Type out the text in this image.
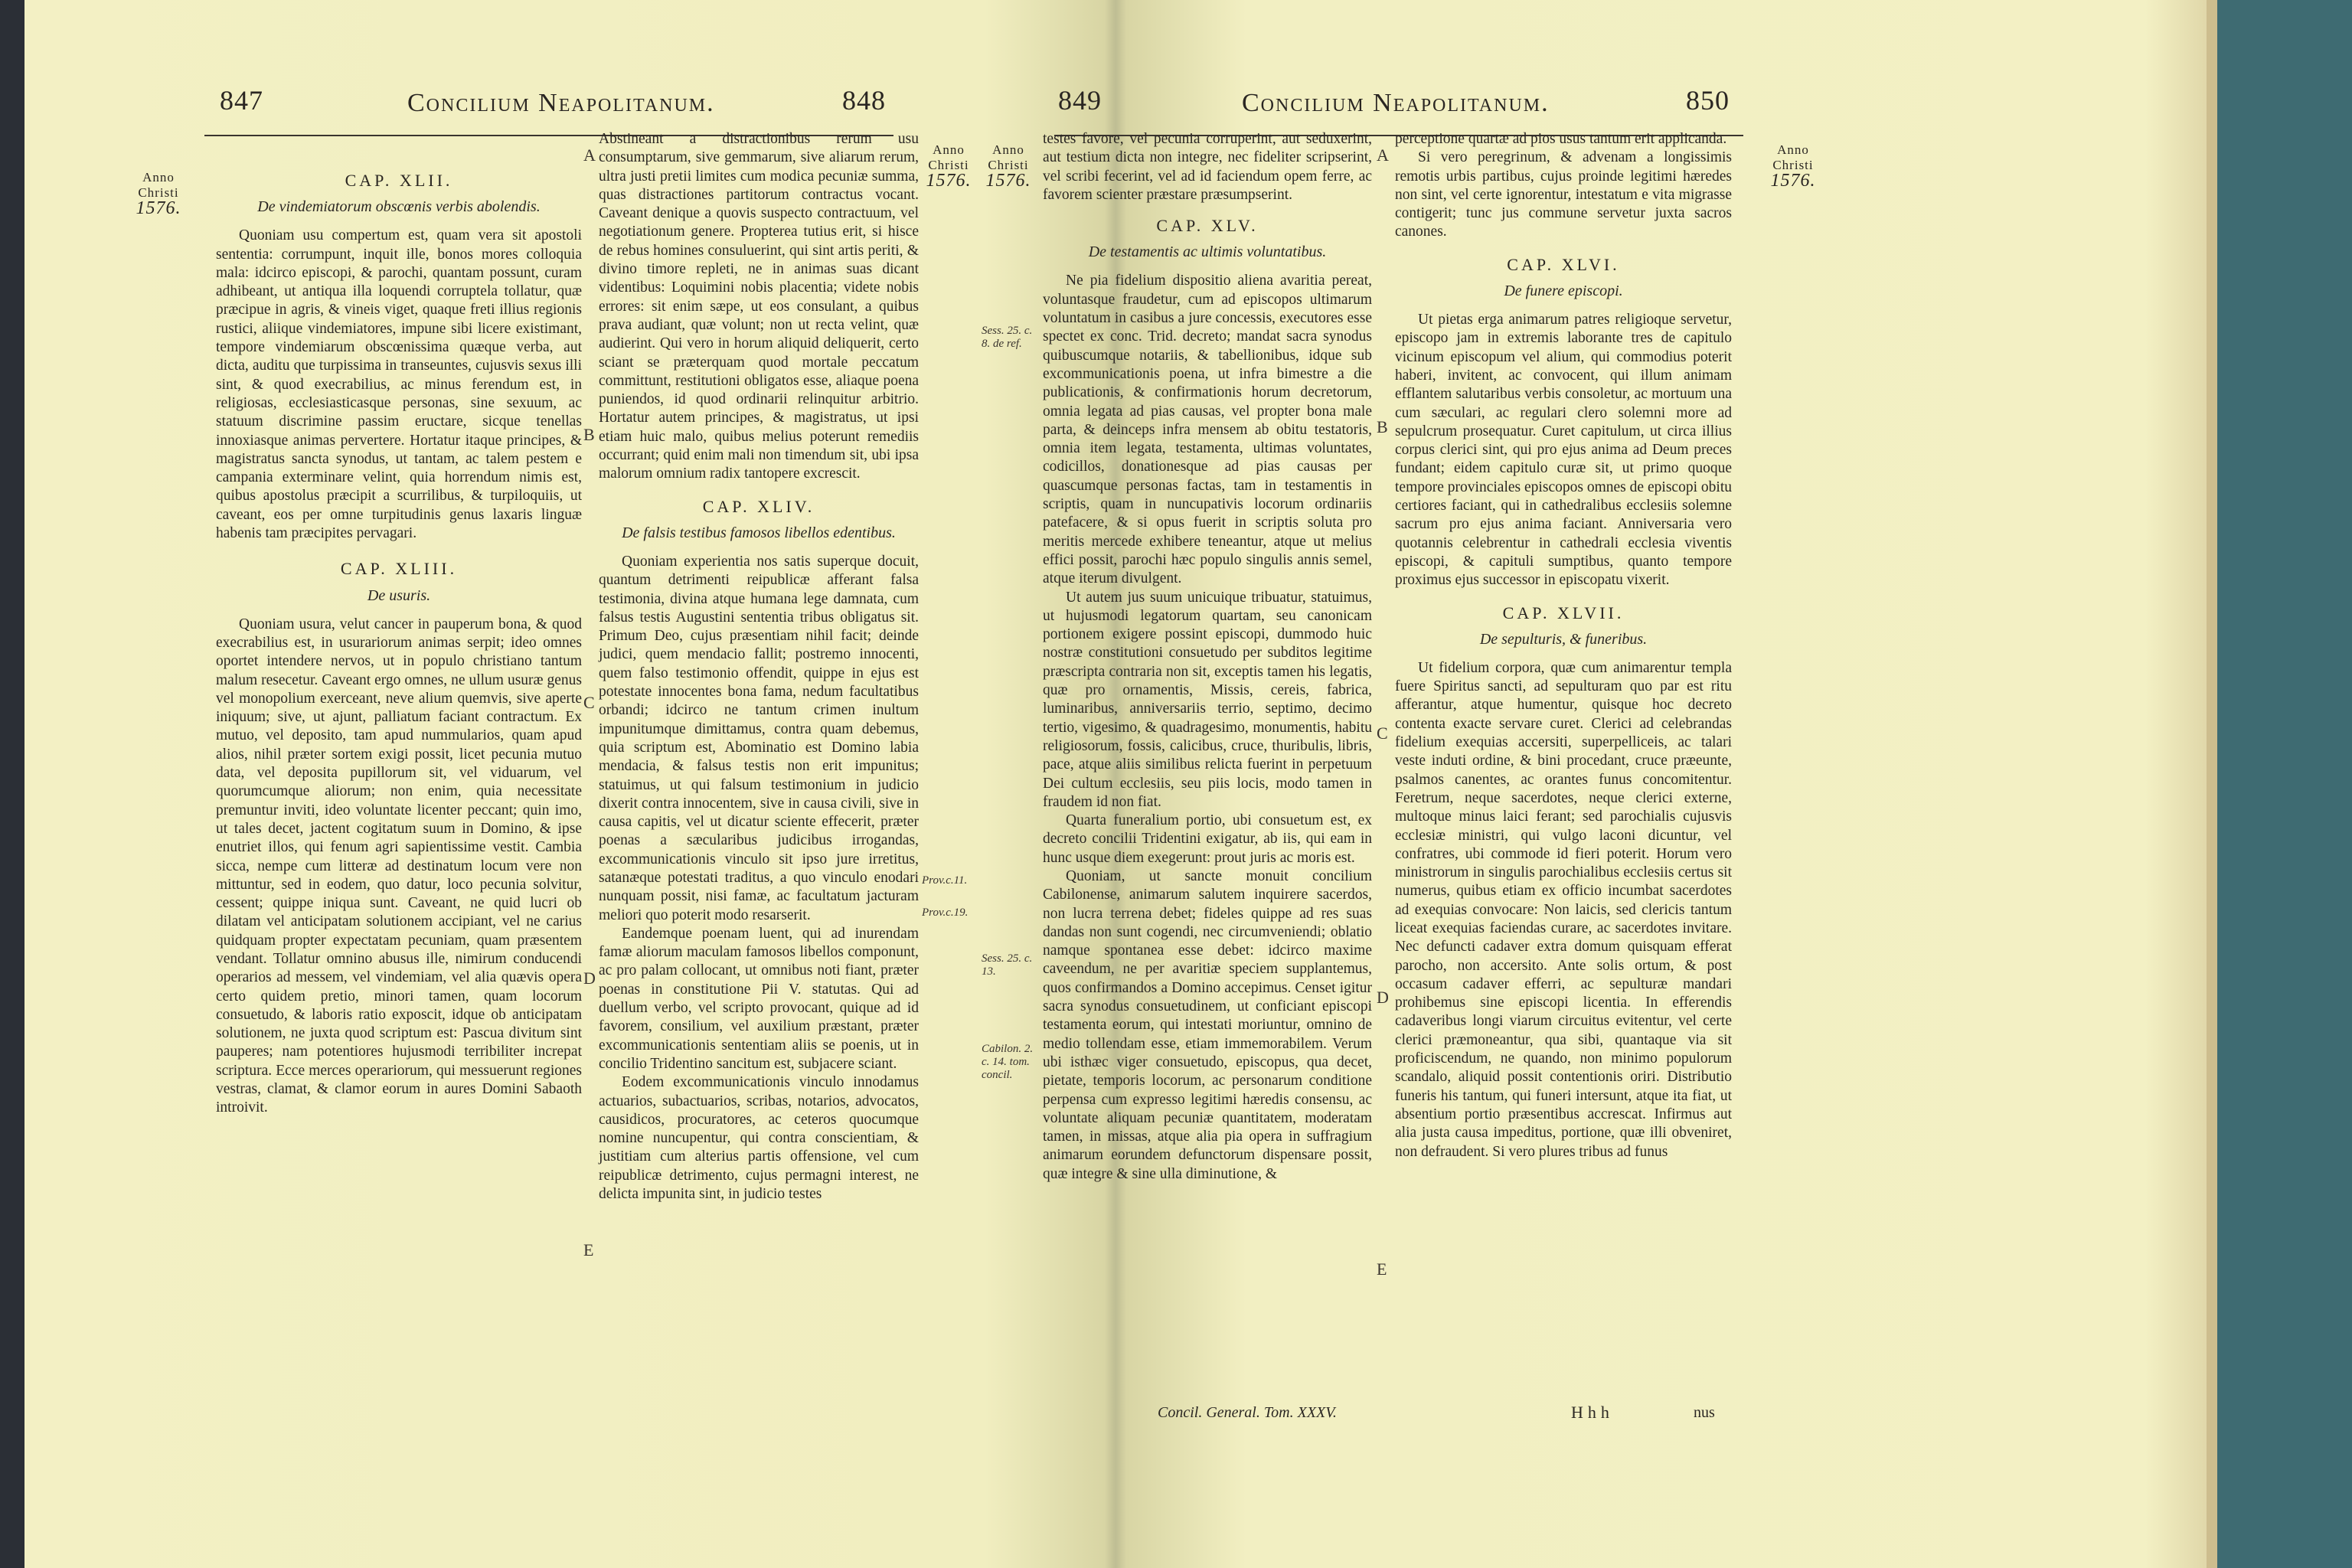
847	Concilium Neapolitanum.	848
Anno
Christi
1576.
Anno
Christi
1576.
CAP. XLII.
De vindemiatorum obscœnis verbis abolendis.

Quoniam usu compertum est, quam vera sit apostoli sententia: corrumpunt, inquit ille, bonos mores colloquia mala: idcirco episcopi, & parochi, quantam possunt, curam adhibeant, ut antiqua illa loquendi corruptela tollatur, quæ præcipue in agris, & vineis viget, quaque freti illius regionis rustici, aliique vindemiatores, impune sibi licere existimant, tempore vindemiarum obscœnissima quæque verba, aut dicta, auditu que turpissima in transeuntes, cujusvis sexus illi sint, & quod execrabilius, ac minus ferendum est, in religiosas, ecclesiasticasque personas, sine sexuum, ac statuum discrimine passim eructare, sicque tenellas innoxiasque animas pervertere. Hortatur itaque principes, & magistratus sancta synodus, ut tantam, ac talem pestem e campania exterminare velint, quia horrendum nimis est, quibus apostolus præcipit a scurrilibus, & turpiloquiis, ut caveant, eos per omne turpitudinis genus laxaris linguæ habenis tam præcipites pervagari.

CAP. XLIII.
De usuris.

Quoniam usura, velut cancer in pauperum bona, & quod execrabilius est, in usurariorum animas serpit; ideo omnes oportet intendere nervos, ut in populo christiano tantum malum resecetur. Caveant ergo omnes, ne ullum usuræ genus vel monopolium exerceant, neve alium quemvis, sive aperte iniquum; sive, ut ajunt, palliatum faciant contractum. Ex mutuo, vel deposito, tam apud nummularios, quam apud alios, nihil præter sortem exigi possit, licet pecunia mutuo data, vel deposita pupillorum sit, vel viduarum, vel quorumcumque aliorum; non enim, quia necessitate premuntur inviti, ideo voluntate licenter peccant; quin imo, ut tales decet, jactent cogitatum suum in Domino, & ipse enutriet illos, qui fenum agri sapientissime vestit. Cambia sicca, nempe cum litteræ ad destinatum locum vere non mittuntur, sed in eodem, quo datur, loco pecunia solvitur, cessent; quippe iniqua sunt. Caveant, ne quid lucri ob dilatam vel anticipatam solutionem accipiant, vel ne carius quidquam propter expectatam pecuniam, quam præsentem vendant. Tollatur omnino abusus ille, nimirum conducendi operarios ad messem, vel vindemiam, vel alia quævis opera certo quidem pretio, minori tamen, quam locorum consuetudo, & laboris ratio exposcit, idque ob anticipatam solutionem, ne juxta quod scriptum est: Pascua divitum sint pauperes; nam potentiores hujusmodi terribiliter increpat scriptura. Ecce merces operariorum, qui messuerunt regiones vestras, clamat, & clamor eorum in aures Domini Sabaoth introivit.

Abstineant a distractionibus rerum usu consumptarum, sive gemmarum, sive aliarum rerum, ultra justi pretii limites cum modica pecuniæ summa, quas distractiones partitorum contractus vocant. Caveant denique a quovis suspecto contractuum, vel negotiationum genere. Propterea tutius erit, si hisce de rebus homines consuluerint, qui sint artis periti, & divino timore repleti, ne in animas suas dicant videntibus: Loquimini nobis placentia; videte nobis errores: sit enim sæpe, ut eos consulant, a quibus prava audiant, quæ volunt; non ut recta velint, quæ audierint. Qui vero in horum aliquid deliquerit, certo sciant se præterquam quod mortale peccatum committunt, restitutioni obligatos esse, aliaque poena puniendos, id quod ordinarii relinquitur arbitrio. Hortatur autem principes, & magistratus, ut ipsi etiam huic malo, quibus melius poterunt remediis occurrant; quid enim mali non timendum sit, ubi ipsa malorum omnium radix tantopere excrescit.

CAP. XLIV.
De falsis testibus famosos libellos edentibus.

Quoniam experientia nos satis superque docuit, quantum detrimenti reipublicæ afferant falsa testimonia, divina atque humana lege damnata, cum falsus testis Augustini sententia tribus obligatus sit. Primum Deo, cujus præsentiam nihil facit; deinde judici, quem mendacio fallit; postremo innocenti, quem falso testimonio offendit, quippe in ejus est potestate innocentes bona fama, nedum facultatibus orbandi; idcirco ne tantum crimen inultum impunitumque dimittamus, contra quam debemus, quia scriptum est, Abominatio est Domino labia mendacia, & falsus testis non erit impunitus; statuimus, ut qui falsum testimonium in judicio dixerit contra innocentem, sive in causa civili, sive in causa capitis, vel ut dicatur sciente effecerit, præter poenas a sæcularibus judicibus irrogandas, excommunicationis vinculo sit ipso jure irretitus, satanæque potestati traditus, a quo vinculo enodari nunquam possit, nisi famæ, ac facultatum jacturam meliori quo poterit modo resarserit.

Eandemque poenam luent, qui ad inurendam famæ aliorum maculam famosos libellos componunt, ac pro palam collocant, ut omnibus noti fiant, præter poenas in constitutione Pii V. statutas. Qui ad duellum verbo, vel scripto provocant, quique ad id favorem, consilium, vel auxilium præstant, præter excommunicationis sententiam aliis se poenis, ut in concilio Tridentino sancitum est, subjacere sciant.

Eodem excommunicationis vinculo innodamus actuarios, subactuarios, scribas, notarios, advocatos, causidicos, procuratores, ac ceteros quocumque nomine nuncupentur, qui contra conscientiam, & justitiam cum alterius partis offensione, vel cum reipublicæ detrimento, cujus permagni interest, ne delicta impunita sint, in judicio testes

A
B
C
D
E
Prov.c.11.
Prov.c.19.
849	Concilium Neapolitanum.	850
Anno
Christi
1576.
Anno
Christi
1576.

testes favore, vel pecunia corruperint, aut seduxerint, aut testium dicta non integre, nec fideliter scripserint, vel scribi fecerint, vel ad id faciendum opem ferre, ac favorem scienter præstare præsumpserint.

CAP. XLV.
De testamentis ac ultimis voluntatibus.

Ne pia fidelium dispositio aliena avaritia pereat, voluntasque fraudetur, cum ad episcopos ultimarum voluntatum in casibus a jure concessis, executores esse spectet ex conc. Trid. decreto; mandat sacra synodus quibuscumque notariis, & tabellionibus, idque sub excommunicationis poena, ut infra bimestre a die publicationis, & confirmationis horum decretorum, omnia legata ad pias causas, vel propter bona male parta, & deinceps infra mensem ab obitu testatoris, omnia item legata, testamenta, ultimas voluntates, codicillos, donationesque ad pias causas per quascumque personas factas, tam in testamentis in scriptis, quam in nuncupativis locorum ordinariis patefacere, & si opus fuerit in scriptis soluta pro meritis mercede exhibere teneantur, atque ut melius effici possit, parochi hæc populo singulis annis semel, atque iterum divulgent.

Ut autem jus suum unicuique tribuatur, statuimus, ut hujusmodi legatorum quartam, seu canonicam portionem exigere possint episcopi, dummodo huic nostræ constitutioni consuetudo per subditos legitime præscripta contraria non sit, exceptis tamen his legatis, quæ pro ornamentis, Missis, cereis, fabrica, luminaribus, anniversariis terrio, septimo, decimo tertio, vigesimo, & quadragesimo, monumentis, habitu religiosorum, fossis, calicibus, cruce, thuribulis, libris, pace, atque aliis similibus relicta fuerint in perpetuum Dei cultum ecclesiis, seu piis locis, modo tamen in fraudem id non fiat.

Quarta funeralium portio, ubi consuetum est, ex decreto concilii Tridentini exigatur, ab iis, qui eam in hunc usque diem exegerunt: prout juris ac moris est.

Quoniam, ut sancte monuit concilium Cabilonense, animarum salutem inquirere sacerdos, non lucra terrena debet; fideles quippe ad res suas dandas non sunt cogendi, nec circumveniendi; oblatio namque spontanea esse debet: idcirco maxime caveendum, ne per avaritiæ speciem supplantemus, quos confirmandos a Domino accepimus. Censet igitur sacra synodus consuetudinem, ut conficiant episcopi testamenta eorum, qui intestati moriuntur, omnino de medio tollendam esse, etiam immemorabilem. Verum ubi isthæc viger consuetudo, episcopus, qua decet, pietate, temporis locorum, ac personarum conditione perpensa cum expresso legitimi hæredis consensu, ac voluntate aliquam pecuniæ quantitatem, moderatam tamen, in missas, atque alia pia opera in suffragium animarum eorundem defunctorum dispensare possit, quæ integre & sine ulla diminutione, &

perceptione quartæ ad pios usus tantum erit applicanda.

Si vero peregrinum, & advenam a longissimis remotis urbis partibus, cujus proinde legitimi hæredes non sint, vel certe ignorentur, intestatum e vita migrasse contigerit; tunc jus commune servetur juxta sacros canones.

CAP. XLVI.
De funere episcopi.

Ut pietas erga animarum patres religioque servetur, episcopo jam in extremis laborante tres de capitulo vicinum episcopum vel alium, qui commodius poterit haberi, invitent, ac convocent, qui illum animam efflantem salutaribus verbis consoletur, ac mortuum una cum sæculari, ac regulari clero solemni more ad sepulcrum prosequatur. Curet capitulum, ut circa illius corpus clerici sint, qui pro ejus anima ad Deum preces fundant; eidem capitulo curæ sit, ut primo quoque tempore provinciales episcopos omnes de episcopi obitu certiores faciant, qui in cathedralibus ecclesiis solemne sacrum pro ejus anima faciant. Anniversaria vero quotannis celebrentur in cathedrali ecclesia viventis episcopi, & capituli sumptibus, quanto tempore proximus ejus successor in episcopatu vixerit.

CAP. XLVII.
De sepulturis, & funeribus.

Ut fidelium corpora, quæ cum animarentur templa fuere Spiritus sancti, ad sepulturam quo par est ritu afferantur, atque humentur, quisque hoc decreto contenta exacte servare curet. Clerici ad celebrandas fidelium exequias accersiti, superpelliceis, ac talari veste induti ordine, & bini procedant, cruce præeunte, psalmos canentes, ac orantes funus concomitentur. Feretrum, neque sacerdotes, neque clerici externe, multoque minus laici ferant; sed parochialis cujusvis ecclesiæ ministri, qui vulgo laconi dicuntur, vel confratres, ubi commode id fieri poterit. Horum vero ministrorum in singulis parochialibus ecclesiis certus sit numerus, quibus etiam ex officio incumbat sacerdotes ad exequias convocare: Non laicis, sed clericis tantum liceat exequias faciendas curare, ac sacerdotes invitare. Nec defuncti cadaver extra domum quisquam efferat parocho, non accersito. Ante solis ortum, & post occasum cadaver efferri, ac sepulturæ mandari prohibemus sine episcopi licentia. In efferendis cadaveribus longi viarum circuitus evitentur, vel certe clerici præmoneantur, qua sibi, quantaque via sit proficiscendum, ne quando, non minimo populorum scandalo, aliquid possit contentionis oriri. Distributio funeris his tantum, qui funeri intersunt, atque ita fiat, ut absentium portio præsentibus accrescat. Infirmus aut alia justa causa impeditus, portione, quæ illi obveniret, non defraudent. Si vero plures tribus ad funus

A
B
C
D
E
Sess. 25. c. 8. de ref.
Sess. 25. c. 13.
Cabilon. 2. c. 14. tom. concil.
Concil. General. Tom. XXXV.	Hhh	nus
